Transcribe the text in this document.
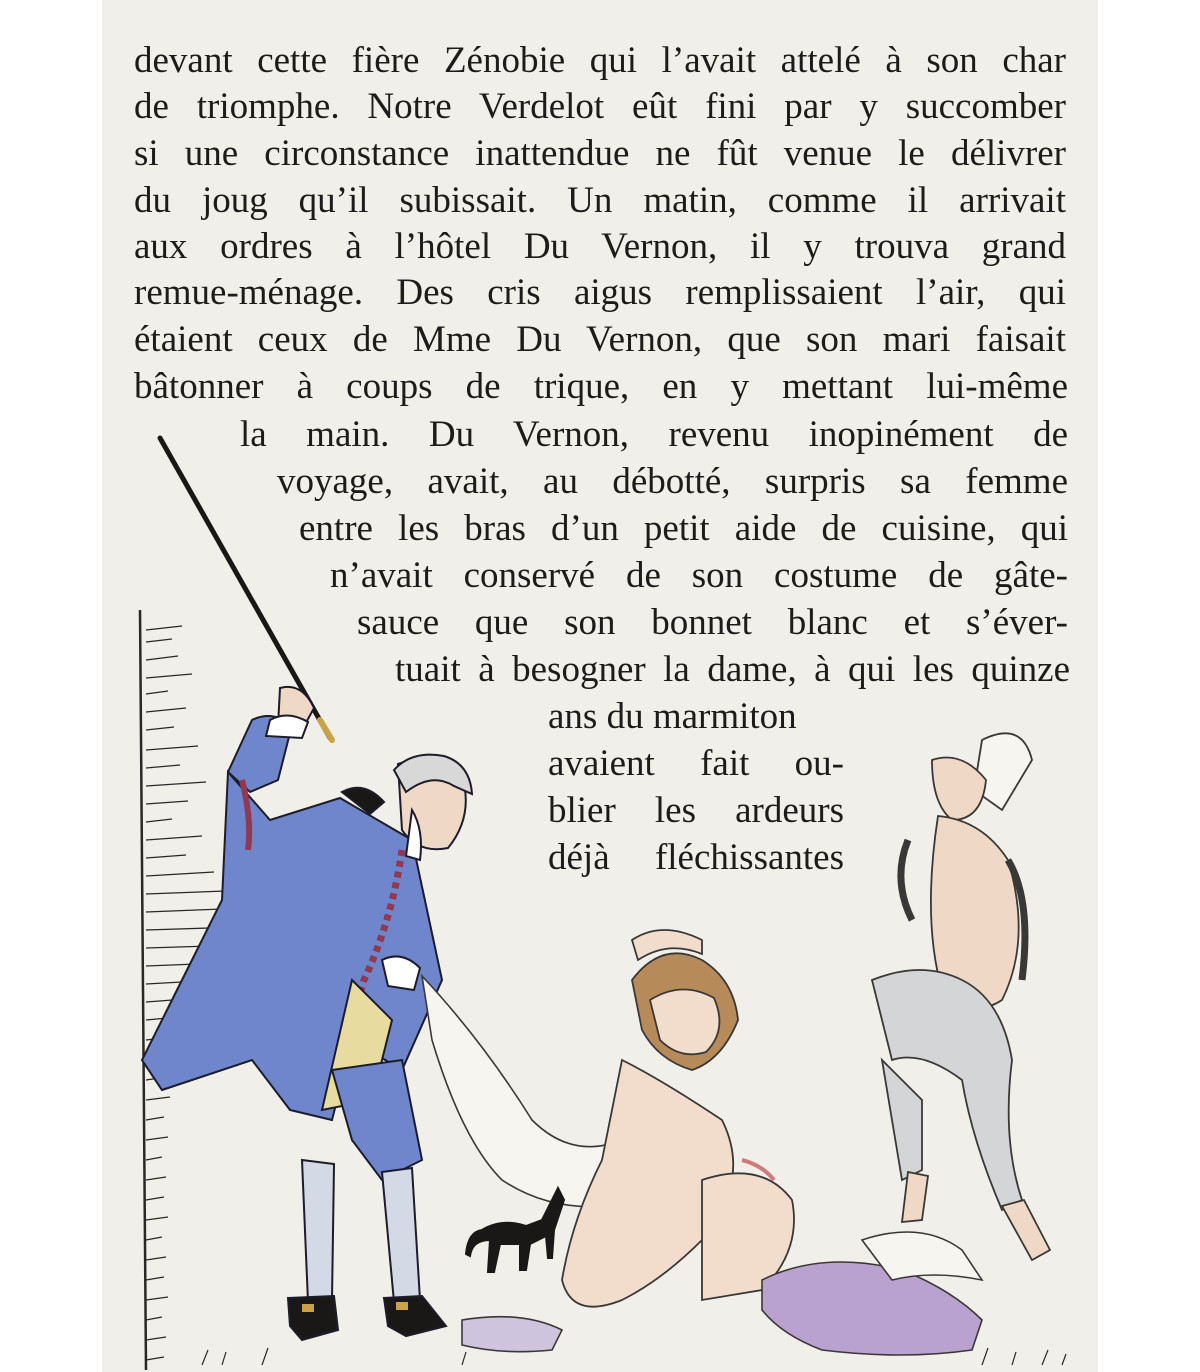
devant cette fière Zénobie qui l’avait attelé à son char
de triomphe. Notre Verdelot eût fini par y succomber
si une circonstance inattendue ne fût venue le délivrer
du joug qu’il subissait. Un matin, comme il arrivait
aux ordres à l’hôtel Du Vernon, il y trouva grand
remue-ménage. Des cris aigus remplissaient l’air, qui
étaient ceux de Mme Du Vernon, que son mari faisait
bâtonner à coups de trique, en y mettant lui-même
la main. Du Vernon, revenu inopinément de
voyage, avait, au débotté, surpris sa femme
entre les bras d’un petit aide de cuisine, qui
n’avait conservé de son costume de gâte-
sauce que son bonnet blanc et s’éver-
tuait à besogner la dame, à qui les quinze
ans du marmiton
avaient fait ou-
blier les ardeurs
déjà fléchissantes
